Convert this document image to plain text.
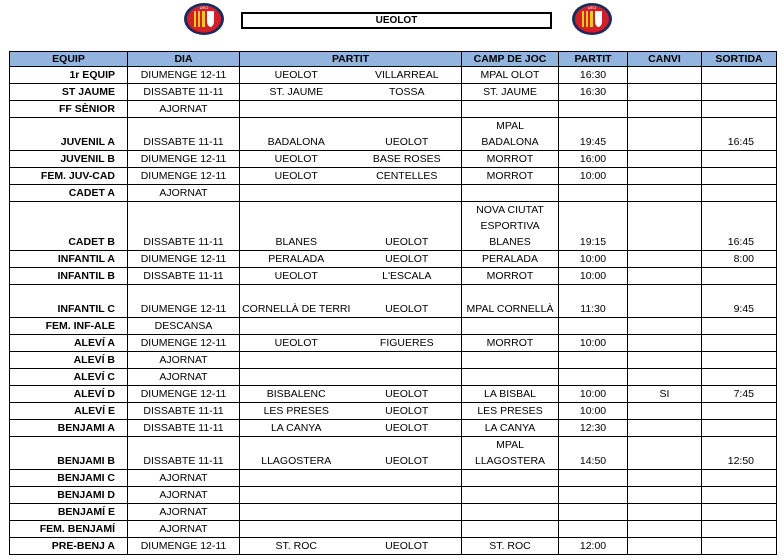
UEO	UEO
UEOLOT
EQUIP	DIA	PARTIT		CAMP DE JOC	PARTIT	CANVI	SORTIDA
1r EQUIP	DIUMENGE 12-11	UEOLOT	VILLARREAL	MPAL OLOT	16:30		
ST JAUME	DISSABTE 11-11	ST. JAUME	TOSSA	ST. JAUME	16:30		
FF SÈNIOR	AJORNAT						
JUVENIL A	DISSABTE 11-11	BADALONA	UEOLOT	MPAL BADALONA	19:45		16:45
JUVENIL B	DIUMENGE 12-11	UEOLOT	BASE ROSES	MORROT	16:00		
FEM. JUV-CAD	DIUMENGE 12-11	UEOLOT	CENTELLES	MORROT	10:00		
CADET A	AJORNAT						
CADET B	DISSABTE 11-11	BLANES	UEOLOT	NOVA CIUTAT ESPORTIVA BLANES	19:15		16:45
INFANTIL A	DIUMENGE 12-11	PERALADA	UEOLOT	PERALADA	10:00		8:00
INFANTIL B	DISSABTE 11-11	UEOLOT	L'ESCALA	MORROT	10:00		
INFANTIL C	DIUMENGE 12-11	CORNELLÀ DE TERRI	UEOLOT	MPAL CORNELLÀ	11:30		9:45
FEM. INF-ALE	DESCANSA						
ALEVÍ A	DIUMENGE 12-11	UEOLOT	FIGUERES	MORROT	10:00		
ALEVÍ B	AJORNAT						
ALEVÍ C	AJORNAT						
ALEVÍ D	DIUMENGE 12-11	BISBALENC	UEOLOT	LA BISBAL	10:00	SI	7:45
ALEVÍ E	DISSABTE 11-11	LES PRESES	UEOLOT	LES PRESES	10:00		
BENJAMI A	DISSABTE 11-11	LA CANYA	UEOLOT	LA CANYA	12:30		
BENJAMI B	DISSABTE 11-11	LLAGOSTERA	UEOLOT	MPAL LLAGOSTERA	14:50		12:50
BENJAMI C	AJORNAT						
BENJAMI D	AJORNAT						
BENJAMÍ E	AJORNAT						
FEM. BENJAMÍ	AJORNAT						
PRE-BENJ A	DIUMENGE 12-11	ST. ROC	UEOLOT	ST. ROC	12:00		
